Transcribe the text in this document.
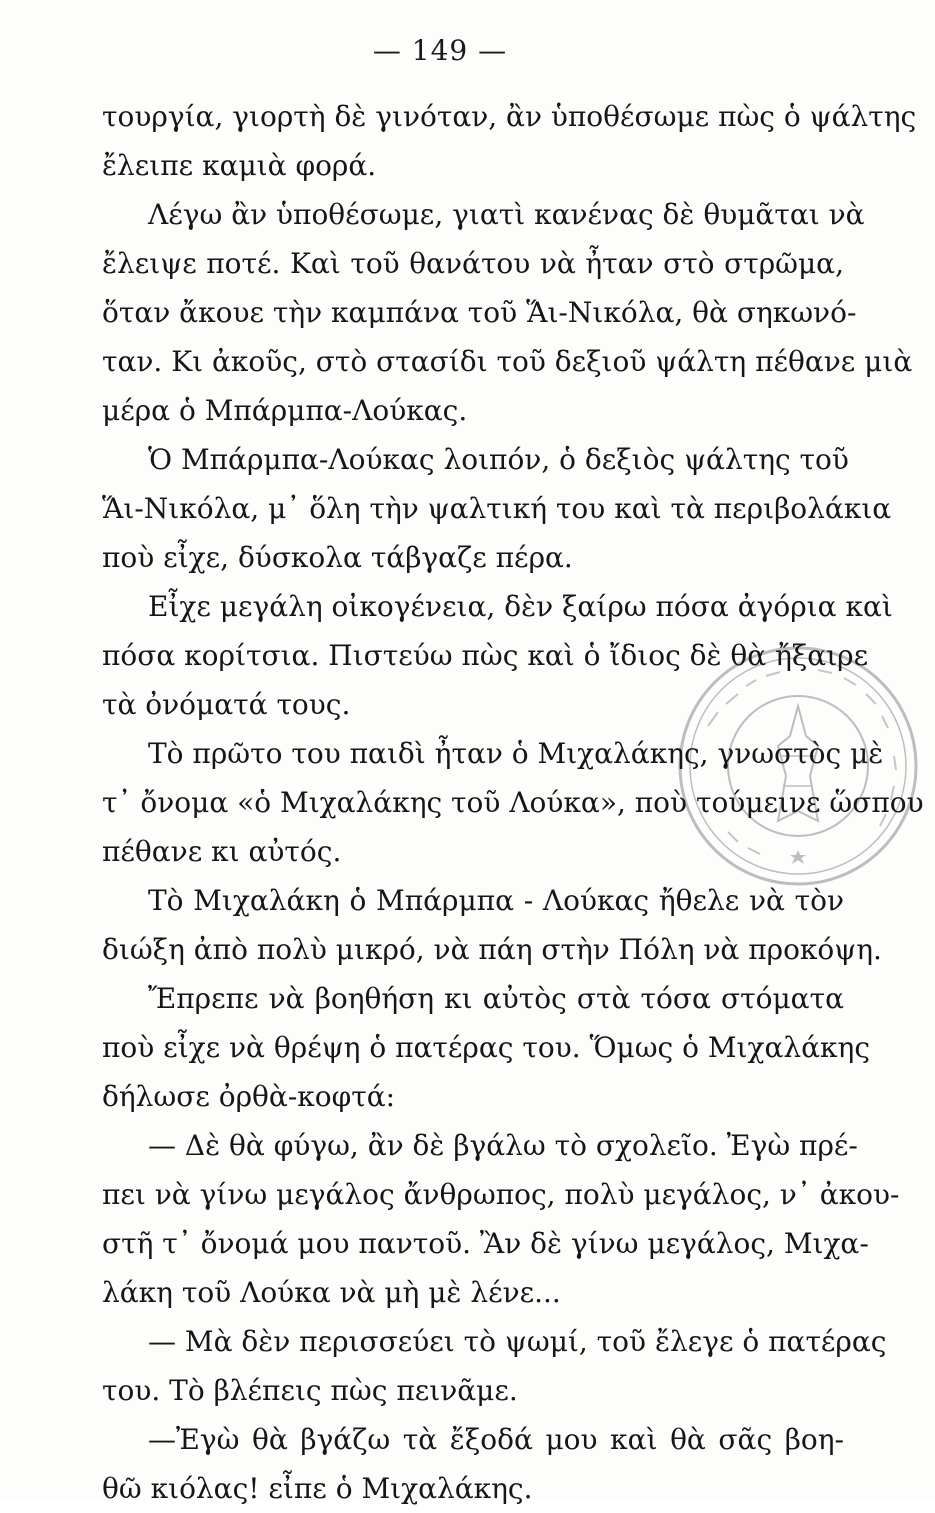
— 149 —
τουργία, γιορτὴ δὲ γινόταν, ἂν ὑποθέσωμε πὼς ὁ ψάλτης
ἔλειπε καμιὰ φορά.
Λέγω ἂν ὑποθέσωμε, γιατὶ κανένας δὲ θυμᾶται νὰ
ἔλειψε ποτέ. Καὶ τοῦ θανάτου νὰ ἦταν στὸ στρῶμα,
ὅταν ἄκουε τὴν καμπάνα τοῦ Ἅι-Νικόλα, θὰ σηκωνό-
ταν. Κι ἀκοῦς, στὸ στασίδι τοῦ δεξιοῦ ψάλτη πέθανε μιὰ
μέρα ὁ Μπάρμπα-Λούκας.
Ὁ Μπάρμπα-Λούκας λοιπόν, ὁ δεξιὸς ψάλτης τοῦ
Ἅι-Νικόλα, μ᾽ ὅλη τὴν ψαλτική του καὶ τὰ περιβολάκια
ποὺ εἶχε, δύσκολα τάβγαζε πέρα.
Εἶχε μεγάλη οἰκογένεια, δὲν ξαίρω πόσα ἀγόρια καὶ
πόσα κορίτσια. Πιστεύω πὼς καὶ ὁ ἴδιος δὲ θὰ ἤξαιρε
τὰ ὀνόματά τους.
Τὸ πρῶτο του παιδὶ ἦταν ὁ Μιχαλάκης, γνωστὸς μὲ
τ᾽ ὄνομα «ὁ Μιχαλάκης τοῦ Λούκα», ποὺ τούμεινε ὥσπου
πέθανε κι αὐτός.
Τὸ Μιχαλάκη ὁ Μπάρμπα - Λούκας ἤθελε νὰ τὸν
διώξη ἀπὸ πολὺ μικρό, νὰ πάη στὴν Πόλη νὰ προκόψη.
Ἔπρεπε νὰ βοηθήση κι αὐτὸς στὰ τόσα στόματα
ποὺ εἶχε νὰ θρέψη ὁ πατέρας του. Ὅμως ὁ Μιχαλάκης
δήλωσε ὀρθὰ-κοφτά:
— Δὲ θὰ φύγω, ἂν δὲ βγάλω τὸ σχολεῖο. Ἐγὼ πρέ-
πει νὰ γίνω μεγάλος ἄνθρωπος, πολὺ μεγάλος, ν᾽ ἀκου-
στῆ τ᾽ ὄνομά μου παντοῦ. Ἂν δὲ γίνω μεγάλος, Μιχα-
λάκη τοῦ Λούκα νὰ μὴ μὲ λένε...
— Μὰ δὲν περισσεύει τὸ ψωμί, τοῦ ἔλεγε ὁ πατέρας
του. Τὸ βλέπεις πὼς πεινᾶμε.
—Ἐγὼ θὰ βγάζω τὰ ἔξοδά μου καὶ θὰ σᾶς βοη-
θῶ κιόλας! εἶπε ὁ Μιχαλάκης.
